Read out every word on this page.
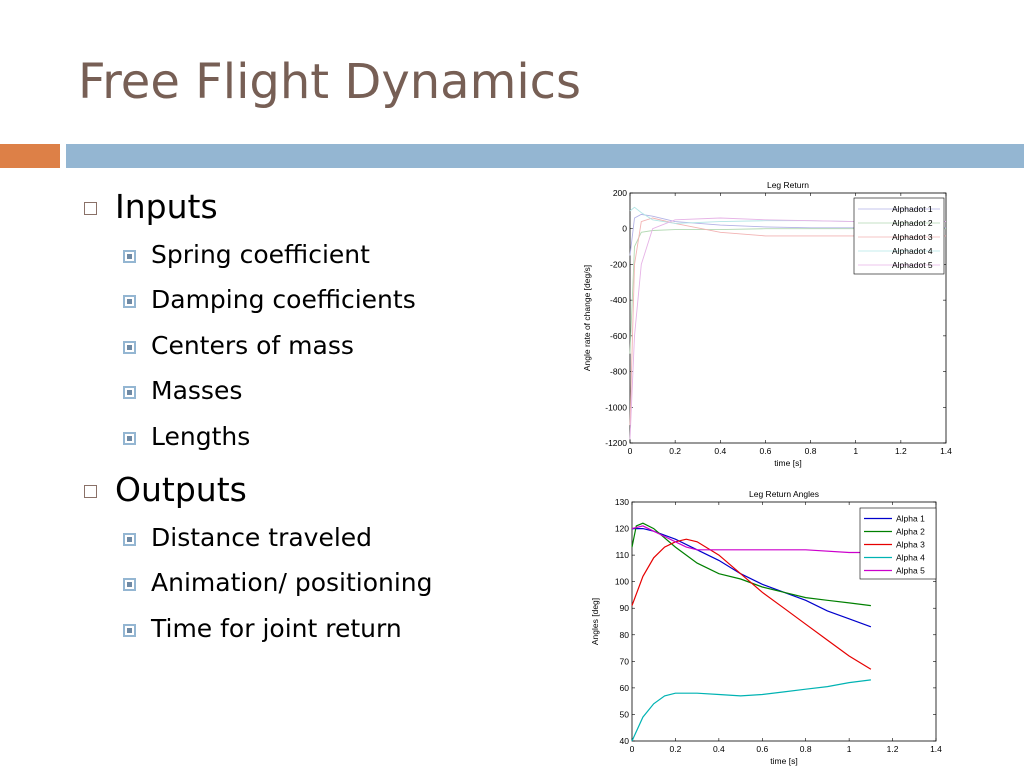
Free Flight Dynamics
Inputs
Spring coefficient
Damping coefficients
Centers of mass
Masses
Lengths
Outputs
Distance traveled
Animation/ positioning
Time for joint return
Leg Return
0	0.2	0.4	0.6	0.8	1	1.2	1.4
200
0
-200
-400
-600
-800
-1000
-1200
time [s]
Angle rate of change [deg/s]
Alphadot 1
Alphadot 2
Alphadot 3
Alphadot 4
Alphadot 5
Leg Return Angles
0	0.2	0.4	0.6	0.8	1	1.2	1.4
130
120
110
100
90
80
70
60
50
40
time [s]
Angles [deg]
Alpha 1
Alpha 2
Alpha 3
Alpha 4
Alpha 5
